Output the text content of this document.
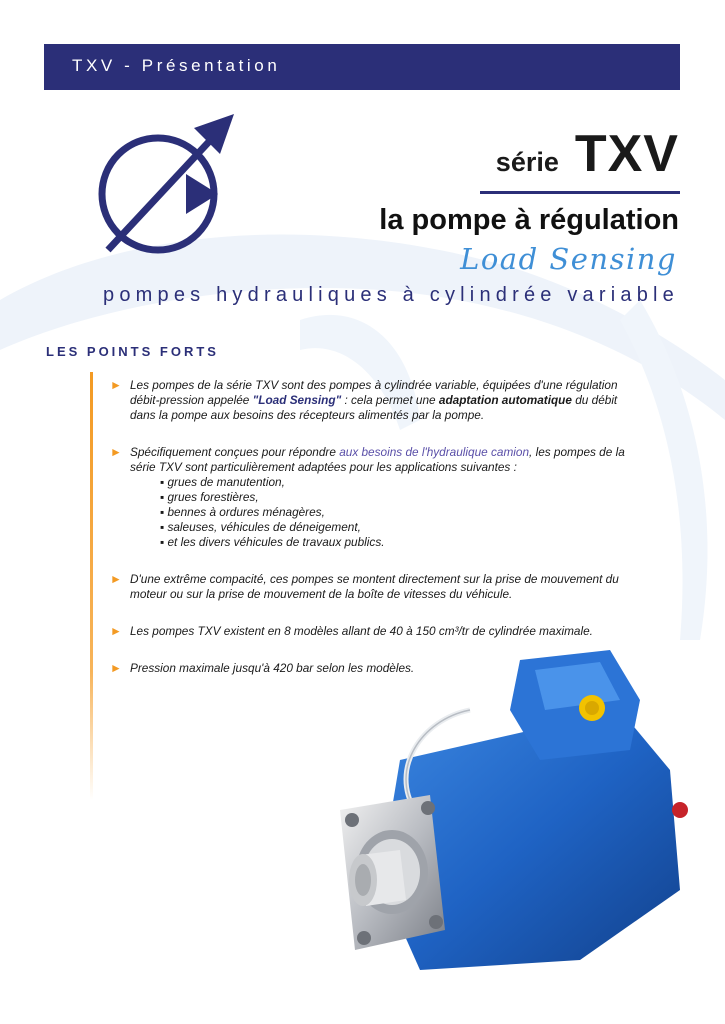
TXV - Présentation
série TXV
la pompe à régulation
Load Sensing
pompes hydrauliques à cylindrée variable
LES POINTS FORTS
► Les pompes de la série TXV sont des pompes à cylindrée variable, équipées d'une régulation débit-pression appelée "Load Sensing" : cela permet une adaptation automatique du débit dans la pompe aux besoins des récepteurs alimentés par la pompe.
► Spécifiquement conçues pour répondre aux besoins de l'hydraulique camion, les pompes de la série TXV sont particulièrement adaptées pour les applications suivantes :
▪ grues de manutention,
▪ grues forestières,
▪ bennes à ordures ménagères,
▪ saleuses, véhicules de déneigement,
▪ et les divers véhicules de travaux publics.
► D'une extrême compacité, ces pompes se montent directement sur la prise de mouvement du moteur ou sur la prise de mouvement de la boîte de vitesses du véhicule.
► Les pompes TXV existent en 8 modèles allant de 40 à 150 cm³/tr de cylindrée maximale.
► Pression maximale jusqu'à 420 bar selon les modèles.
